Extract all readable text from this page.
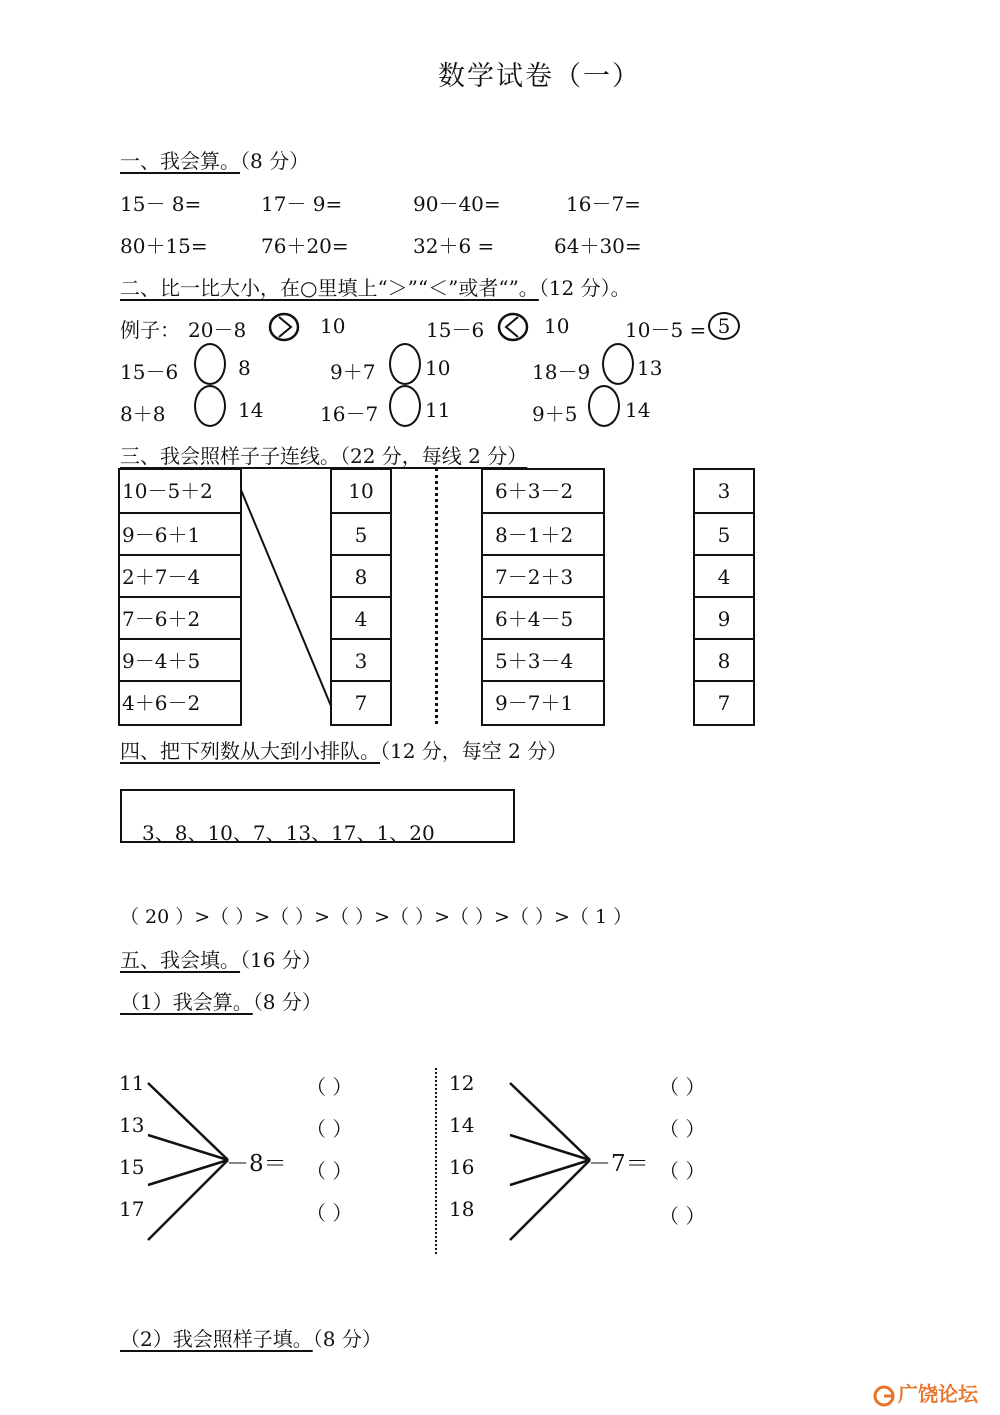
数学试卷（一）
一、我会算。（8 分）
15－ 8=	17－ 9=	90－40=	16－7=
80＋15=	76＋20=	32＋6 =	64＋30=
二、比一比大小，在○里填上“＞”“＜”或者“”。（12 分）。
例子： 20－8	10	15－6	10	10－5 = 5
15－6	8	9＋7 10	18－9 13
8＋8	14	16－7 11	9＋5 14
三、我会照样子子连线。（22 分，每线 2 分）
10－5＋2
9－6＋1
2＋7－4
7－6＋2
9－4＋5
4＋6－2
10
5
8
4
3
7
6＋3－2
8－1＋2
7－2＋3
6＋4－5
5＋3－4
9－7＋1
3
5
4
9
8
7
四、把下列数从大到小排队。（12 分，每空 2 分）
3、8、10、7、13、17、1、20
（ 20 ）>（ ）>（ ）>（ ）>（ ）>（ ）>（ ）>（ 1 ）
五、我会填。（16 分）
（1）我会算。（8 分）
11
13
15
17
－8＝
（ ）
（ ）
（ ）
（ ）
12
14
16
18
－7＝
（ ）
（ ）
（ ）
（ ）
（2）我会照样子填。（8 分）
广饶论坛
